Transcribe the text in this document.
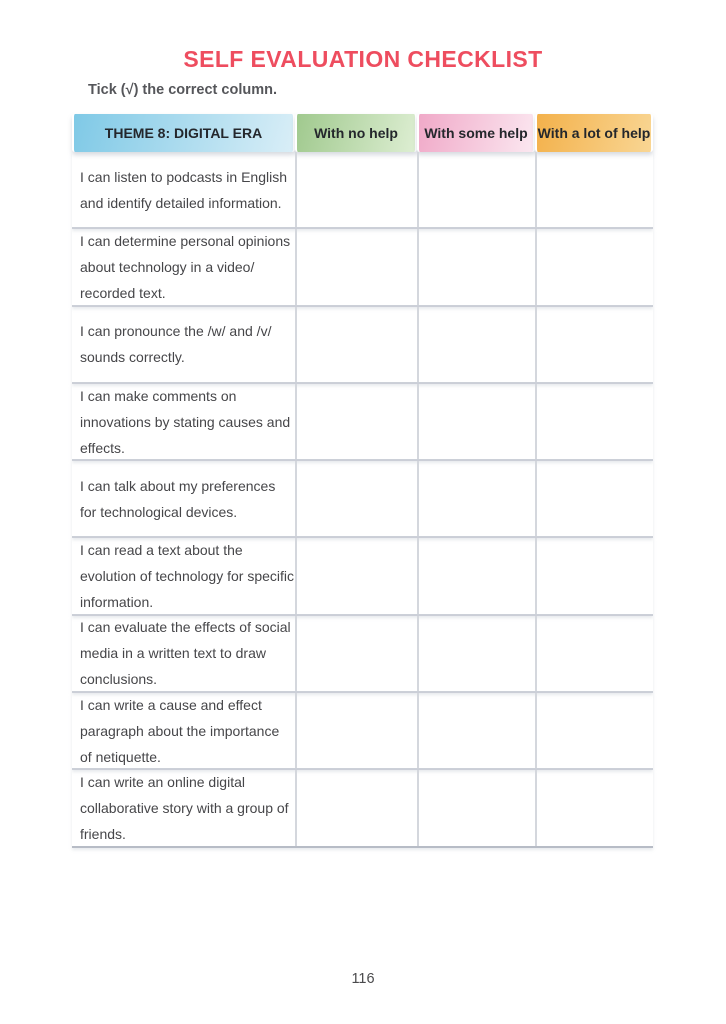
SELF EVALUATION CHECKLIST
Tick (√) the correct column.
THEME 8: DIGITAL ERA	With no help With some help With a lot of help

I can listen to podcasts in English and identify detailed information.

I can determine personal opinions about technology in a video/ recorded text.

I can pronounce the /w/ and /v/ sounds correctly.

I can make comments on innovations by stating causes and effects.

I can talk about my preferences for technological devices.

I can read a text about the evolution of technology for specific information.

I can evaluate the effects of social media in a written text to draw conclusions.

I can write a cause and effect paragraph about the importance of netiquette.

I can write an online digital collaborative story with a group of friends.

116
